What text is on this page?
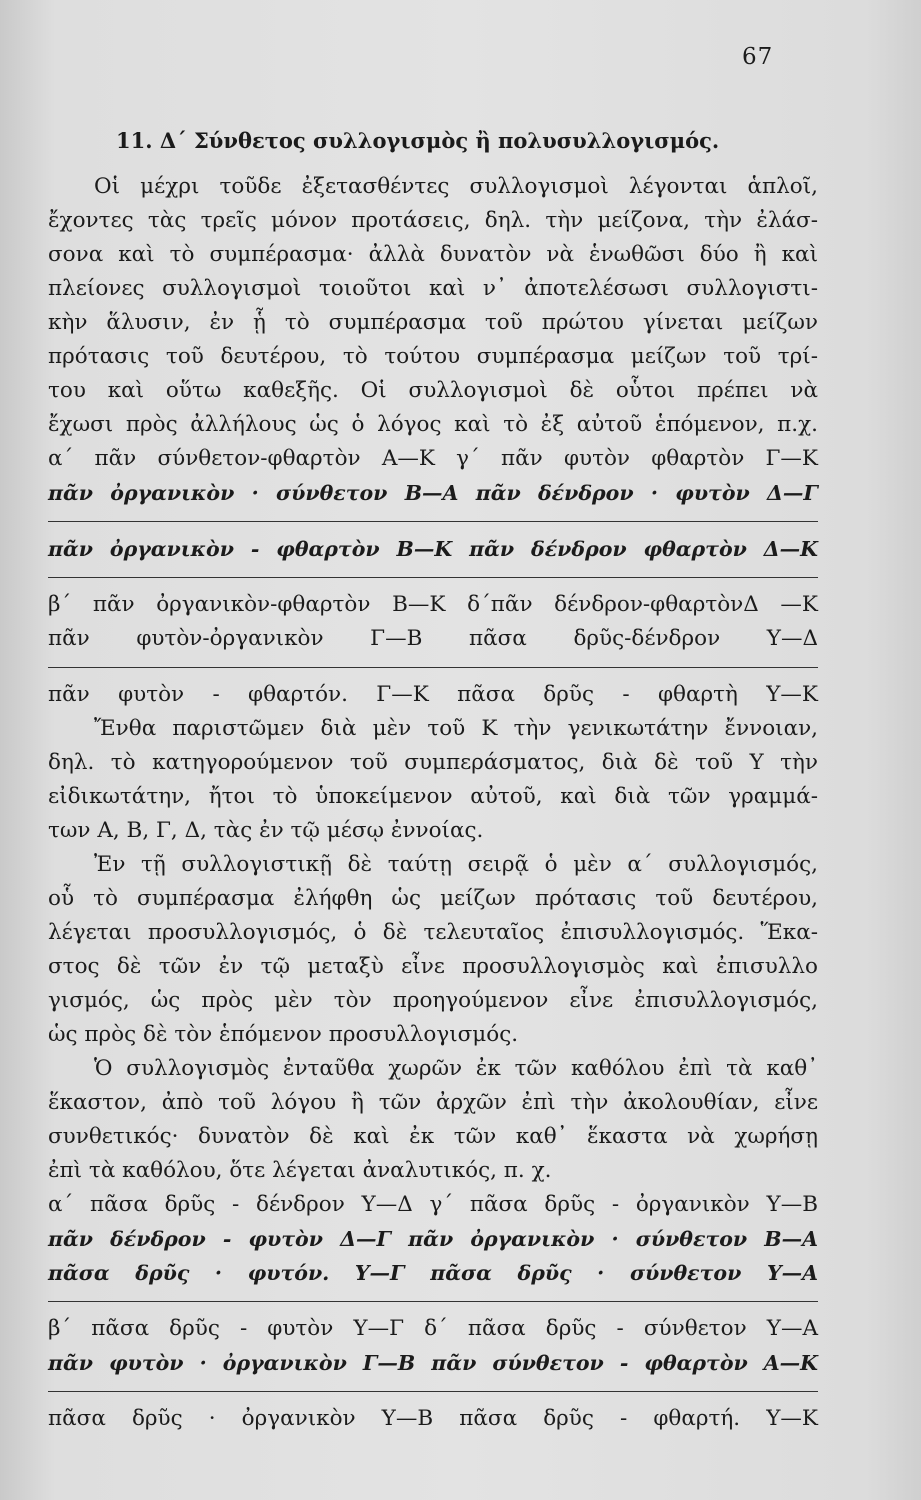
67
11. Δ΄ Σύνθετος συλλογισμὸς ἢ πολυσυλλογισμός.
Οἱ μέχρι τοῦδε ἐξετασθέντες συλλογισμοὶ λέγονται ἁπλοῖ,
ἔχοντες τὰς τρεῖς μόνον προτάσεις, δηλ. τὴν μείζονα, τὴν ἐλάσ-
σονα καὶ τὸ συμπέρασμα· ἀλλὰ δυνατὸν νὰ ἑνωθῶσι δύο ἢ καὶ
πλείονες συλλογισμοὶ τοιοῦτοι καὶ ν᾿ ἀποτελέσωσι συλλογιστι-
κὴν ἅλυσιν, ἐν ᾗ τὸ συμπέρασμα τοῦ πρώτου γίνεται μείζων
πρότασις τοῦ δευτέρου, τὸ τούτου συμπέρασμα μείζων τοῦ τρί-
του καὶ οὕτω καθεξῆς. Οἱ συλλογισμοὶ δὲ οὗτοι πρέπει νὰ
ἔχωσι πρὸς ἀλλήλους ὡς ὁ λόγος καὶ τὸ ἐξ αὐτοῦ ἑπόμενον, π.χ.
α΄ πᾶν σύνθετον-φθαρτὸν Α—Κ γ΄ πᾶν φυτὸν φθαρτὸν Γ—Κ
πᾶν ὀργανικὸν · σύνθετον Β—Α πᾶν δένδρον · φυτὸν Δ—Γ
πᾶν ὀργανικὸν - φθαρτὸν Β—Κ πᾶν δένδρον φθαρτὸν Δ—Κ
β΄ πᾶν ὀργανικὸν-φθαρτὸν Β—Κ δ΄πᾶν δένδρον-φθαρτὸνΔ —Κ
πᾶν φυτὸν-ὀργανικὸν Γ—Β πᾶσα δρῦς-δένδρον Υ—Δ
πᾶν φυτὸν - φθαρτόν. Γ—Κ πᾶσα δρῦς - φθαρτὴ Υ—Κ
Ἔνθα παριστῶμεν διὰ μὲν τοῦ Κ τὴν γενικωτάτην ἔννοιαν,
δηλ. τὸ κατηγορούμενον τοῦ συμπεράσματος, διὰ δὲ τοῦ Υ τὴν
εἰδικωτάτην, ἤτοι τὸ ὑποκείμενον αὐτοῦ, καὶ διὰ τῶν γραμμά-
των Α, Β, Γ, Δ, τὰς ἐν τῷ μέσῳ ἐννοίας.
Ἐν τῇ συλλογιστικῇ δὲ ταύτῃ σειρᾷ ὁ μὲν α΄ συλλογισμός,
οὗ τὸ συμπέρασμα ἐλήφθη ὡς μείζων πρότασις τοῦ δευτέρου,
λέγεται προσυλλογισμός, ὁ δὲ τελευταῖος ἐπισυλλογισμός. Ἕκα-
στος δὲ τῶν ἐν τῷ μεταξὺ εἶνε προσυλλογισμὸς καὶ ἐπισυλλο
γισμός, ὡς πρὸς μὲν τὸν προηγούμενον εἶνε ἐπισυλλογισμός,
ὡς πρὸς δὲ τὸν ἑπόμενον προσυλλογισμός.
Ὁ συλλογισμὸς ἐνταῦθα χωρῶν ἐκ τῶν καθόλου ἐπὶ τὰ καθ᾿
ἕκαστον, ἀπὸ τοῦ λόγου ἢ τῶν ἀρχῶν ἐπὶ τὴν ἀκολουθίαν, εἶνε
συνθετικός· δυνατὸν δὲ καὶ ἐκ τῶν καθ᾿ ἕκαστα νὰ χωρήσῃ
ἐπὶ τὰ καθόλου, ὅτε λέγεται ἀναλυτικός, π. χ.
α΄ πᾶσα δρῦς - δένδρον Υ—Δ γ΄ πᾶσα δρῦς - ὀργανικὸν Υ—Β
πᾶν δένδρον - φυτὸν Δ—Γ πᾶν ὀργανικὸν · σύνθετον Β—Α
πᾶσα δρῦς · φυτόν. Υ—Γ πᾶσα δρῦς · σύνθετον Υ—Α
β΄ πᾶσα δρῦς - φυτὸν Υ—Γ δ΄ πᾶσα δρῦς - σύνθετον Υ—Α
πᾶν φυτὸν · ὀργανικὸν Γ—Β πᾶν σύνθετον - φθαρτὸν Α—Κ
πᾶσα δρῦς · ὀργανικὸν Υ—Β πᾶσα δρῦς - φθαρτή. Υ—Κ
